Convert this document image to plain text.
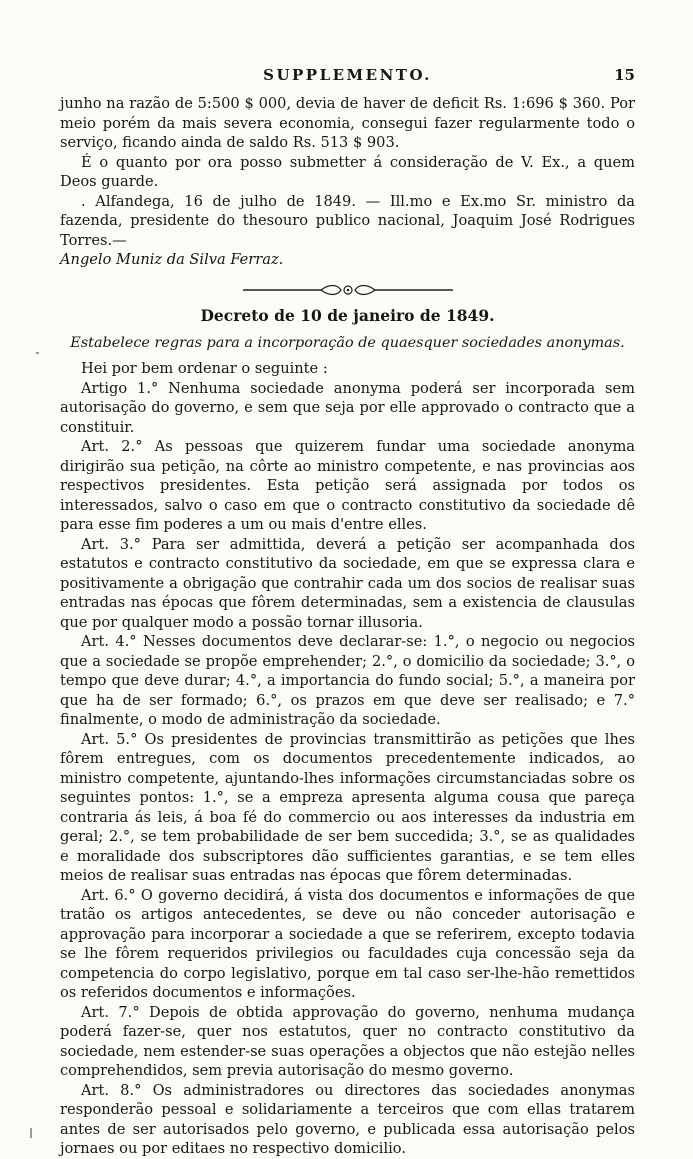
SUPPLEMENTO.	15

junho na razão de 5:500 $ 000, devia de haver de deficit Rs. 1:696 $ 360. Por meio porém da mais severa economia, consegui fazer regularmente todo o serviço, ficando ainda de saldo Rs. 513 $ 903.

É o quanto por ora posso submetter á consideração de V. Ex., a quem Deos guarde.

. Alfandega, 16 de julho de 1849. — Ill.mo e Ex.mo Sr. ministro da fazenda, presidente do thesouro publico nacional, Joaquim José Rodrigues Torres.—

Angelo Muniz da Silva Ferraz.

Decreto de 10 de janeiro de 1849.

Estabelece regras para a incorporação de quaesquer sociedades anonymas.

Hei por bem ordenar o seguinte :

Artigo 1.° Nenhuma sociedade anonyma poderá ser incorporada sem autorisação do governo, e sem que seja por elle approvado o contracto que a constituir.

Art. 2.° As pessoas que quizerem fundar uma sociedade anonyma dirigirão sua petição, na côrte ao ministro competente, e nas provincias aos respectivos presidentes. Esta petição será assignada por todos os interessados, salvo o caso em que o contracto constitutivo da sociedade dê para esse fim poderes a um ou mais d'entre elles.

Art. 3.° Para ser admittida, deverá a petição ser acompanhada dos estatutos e contracto constitutivo da sociedade, em que se expressa clara e positivamente a obrigação que contrahir cada um dos socios de realisar suas entradas nas épocas que fôrem determinadas, sem a existencia de clausulas que por qualquer modo a possão tornar illusoria.

Art. 4.° Nesses documentos deve declarar-se: 1.°, o negocio ou negocios que a sociedade se propõe emprehender; 2.°, o domicilio da sociedade; 3.°, o tempo que deve durar; 4.°, a importancia do fundo social; 5.°, a maneira por que ha de ser formado; 6.°, os prazos em que deve ser realisado; e 7.° finalmente, o modo de administração da sociedade.

Art. 5.° Os presidentes de provincias transmittirão as petições que lhes fôrem entregues, com os documentos precedentemente indicados, ao ministro competente, ajuntando-lhes informações circumstanciadas sobre os seguintes pontos: 1.°, se a empreza apresenta alguma cousa que pareça contraria ás leis, á boa fé do commercio ou aos interesses da industria em geral; 2.°, se tem probabilidade de ser bem succedida; 3.°, se as qualidades e moralidade dos subscriptores dão sufficientes garantias, e se tem elles meios de realisar suas entradas nas épocas que fôrem determinadas.

Art. 6.° O governo decidirá, á vista dos documentos e informações de que tratão os artigos antecedentes, se deve ou não conceder autorisação e approvação para incorporar a sociedade a que se referirem, excepto todavia se lhe fôrem requeridos privilegios ou faculdades cuja concessão seja da competencia do corpo legislativo, porque em tal caso ser-lhe-hão remettidos os referidos documentos e informações.

Art. 7.° Depois de obtida approvação do governo, nenhuma mudança poderá fazer-se, quer nos estatutos, quer no contracto constitutivo da sociedade, nem estender-se suas operações a objectos que não estejão nelles comprehendidos, sem previa autorisação do mesmo governo.

Art. 8.° Os administradores ou directores das sociedades anonymas responderão pessoal e solidariamente a terceiros que com ellas tratarem antes de ser autorisados pelo governo, e publicada essa autorisação pelos jornaes ou por editaes no respectivo domicilio.
